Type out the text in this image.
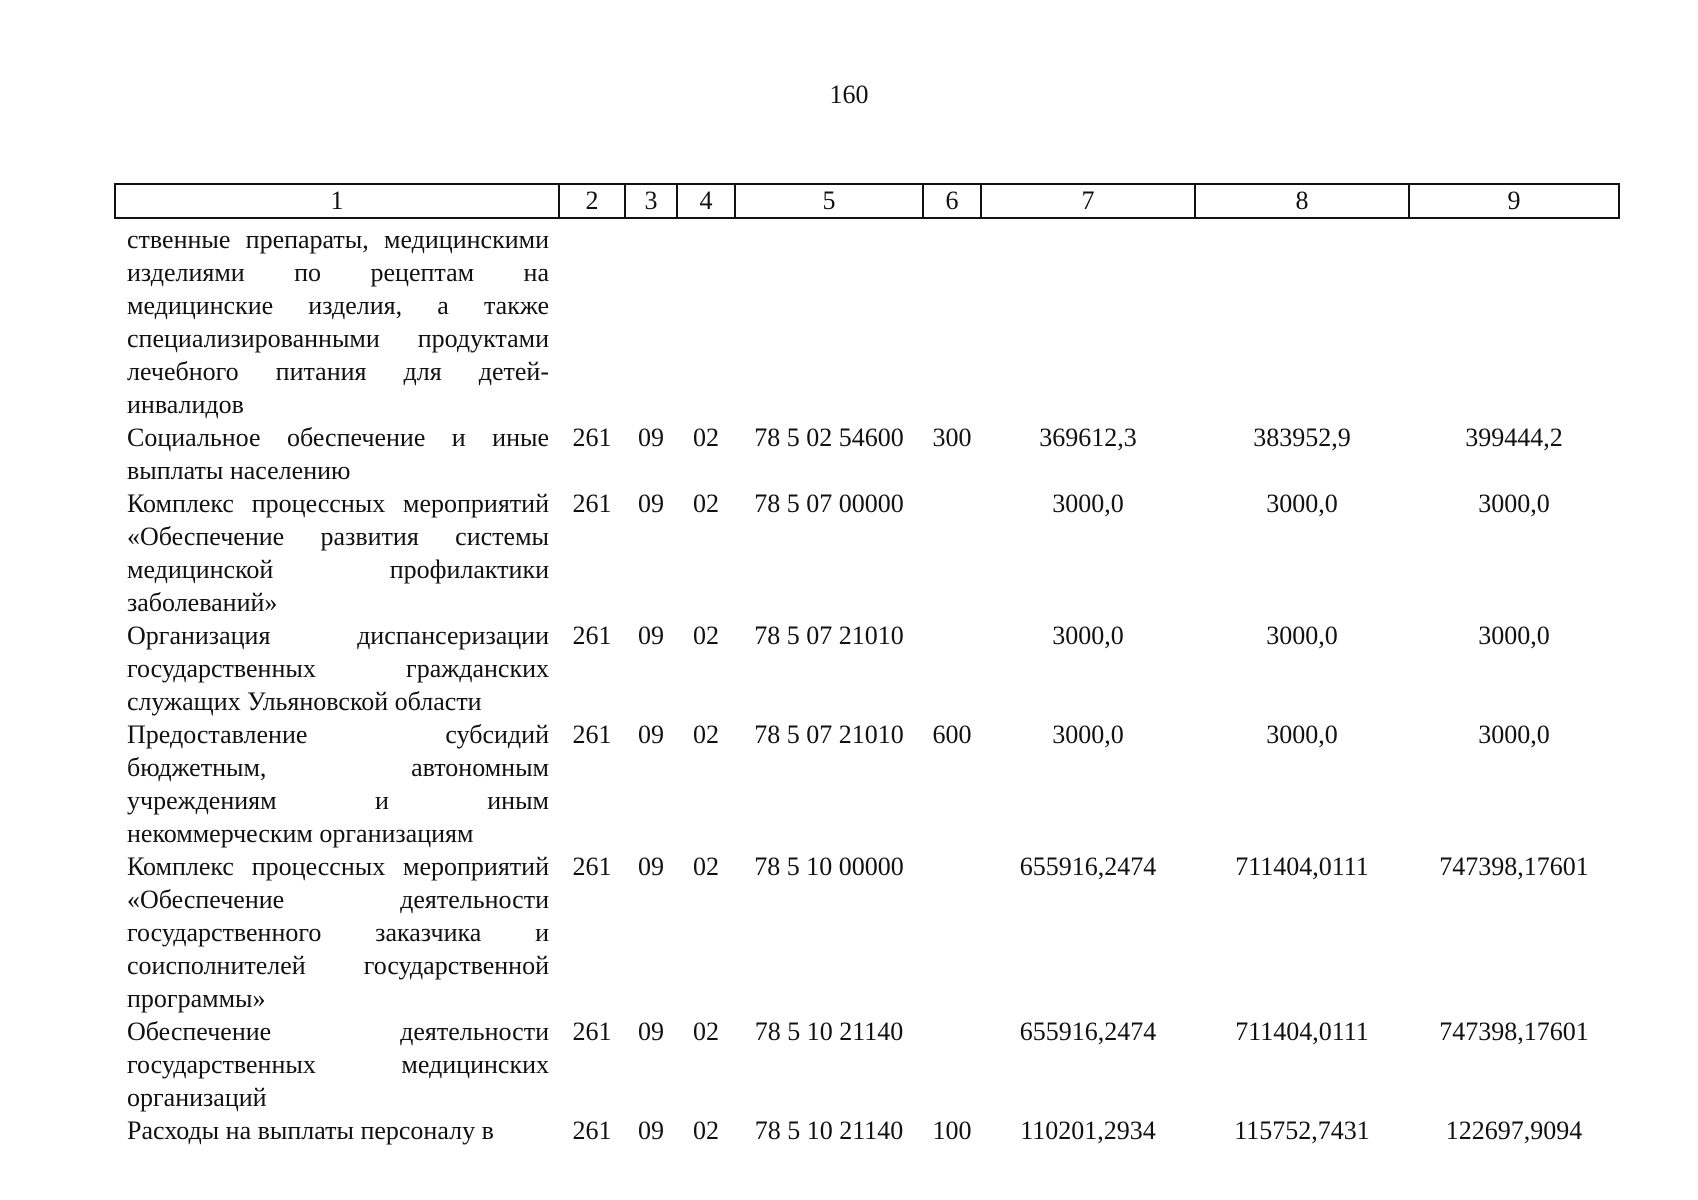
160
1	2	3	4	5	6	7	8	9
ственные препараты, медицинскими изделиями по рецептам на медицинские изделия, а также специализированными продуктами лечебного питания для детей-инвалидов								
Социальное обеспечение и иные выплаты населению	261	09	02	78 5 02 54600	300	369612,3	383952,9	399444,2
Комплекс процессных мероприятий «Обеспечение развития системы медицинской профилактики заболеваний»	261	09	02	78 5 07 00000		3000,0	3000,0	3000,0
Организация диспансеризации государственных гражданских служащих Ульяновской области	261	09	02	78 5 07 21010		3000,0	3000,0	3000,0
Предоставление субсидий бюджетным, автономным учреждениям и иным некоммерческим организациям	261	09	02	78 5 07 21010	600	3000,0	3000,0	3000,0
Комплекс процессных мероприятий «Обеспечение деятельности государственного заказчика и соисполнителей государственной программы»	261	09	02	78 5 10 00000		655916,2474	711404,0111	747398,17601
Обеспечение деятельности государственных медицинских организаций	261	09	02	78 5 10 21140		655916,2474	711404,0111	747398,17601
Расходы на выплаты персоналу в	261	09	02	78 5 10 21140	100	110201,2934	115752,7431	122697,9094
